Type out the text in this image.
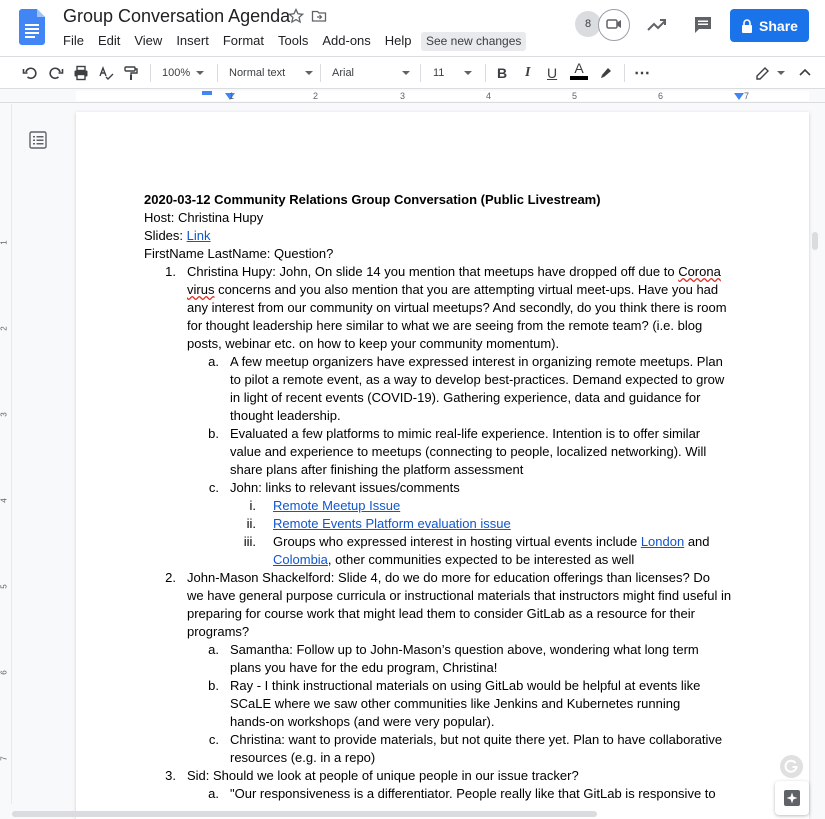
Group Conversation Agenda
File Edit View Insert Format Tools Add-ons Help	See new changes
8	Share
100%	Normal text	Arial	11	B I U A	⋯
1	2	3	4	5	6	7
1
2
3
4
5
6
7
2020-03-12 Community Relations Group Conversation (Public Livestream)
Host: Christina Hupy
Slides: Link
FirstName LastName: Question?
1. Christina Hupy: John, On slide 14 you mention that meetups have dropped off due to Corona
virus concerns and you also mention that you are attempting virtual meet-ups. Have you had
any interest from our community on virtual meetups? And secondly, do you think there is room
for thought leadership here similar to what we are seeing from the remote team? (i.e. blog
posts, webinar etc. on how to keep your community momentum).
a. A few meetup organizers have expressed interest in organizing remote meetups. Plan
to pilot a remote event, as a way to develop best-practices. Demand expected to grow
in light of recent events (COVID-19). Gathering experience, data and guidance for
thought leadership.
b. Evaluated a few platforms to mimic real-life experience. Intention is to offer similar
value and experience to meetups (connecting to people, localized networking). Will
share plans after finishing the platform assessment
c. John: links to relevant issues/comments
i. Remote Meetup Issue
ii. Remote Events Platform evaluation issue
iii. Groups who expressed interest in hosting virtual events include London and
Colombia, other communities expected to be interested as well
2. John-Mason Shackelford: Slide 4, do we do more for education offerings than licenses? Do
we have general purpose curricula or instructional materials that instructors might find useful in
preparing for course work that might lead them to consider GitLab as a resource for their
programs?
a. Samantha: Follow up to John-Mason’s question above, wondering what long term
plans you have for the edu program, Christina!
b. Ray - I think instructional materials on using GitLab would be helpful at events like
SCaLE where we saw other communities like Jenkins and Kubernetes running
hands-on workshops (and were very popular).
c. Christina: want to provide materials, but not quite there yet. Plan to have collaborative
resources (e.g. in a repo)
3. Sid: Should we look at people of unique people in our issue tracker?
a. "Our responsiveness is a differentiator. People really like that GitLab is responsive to
